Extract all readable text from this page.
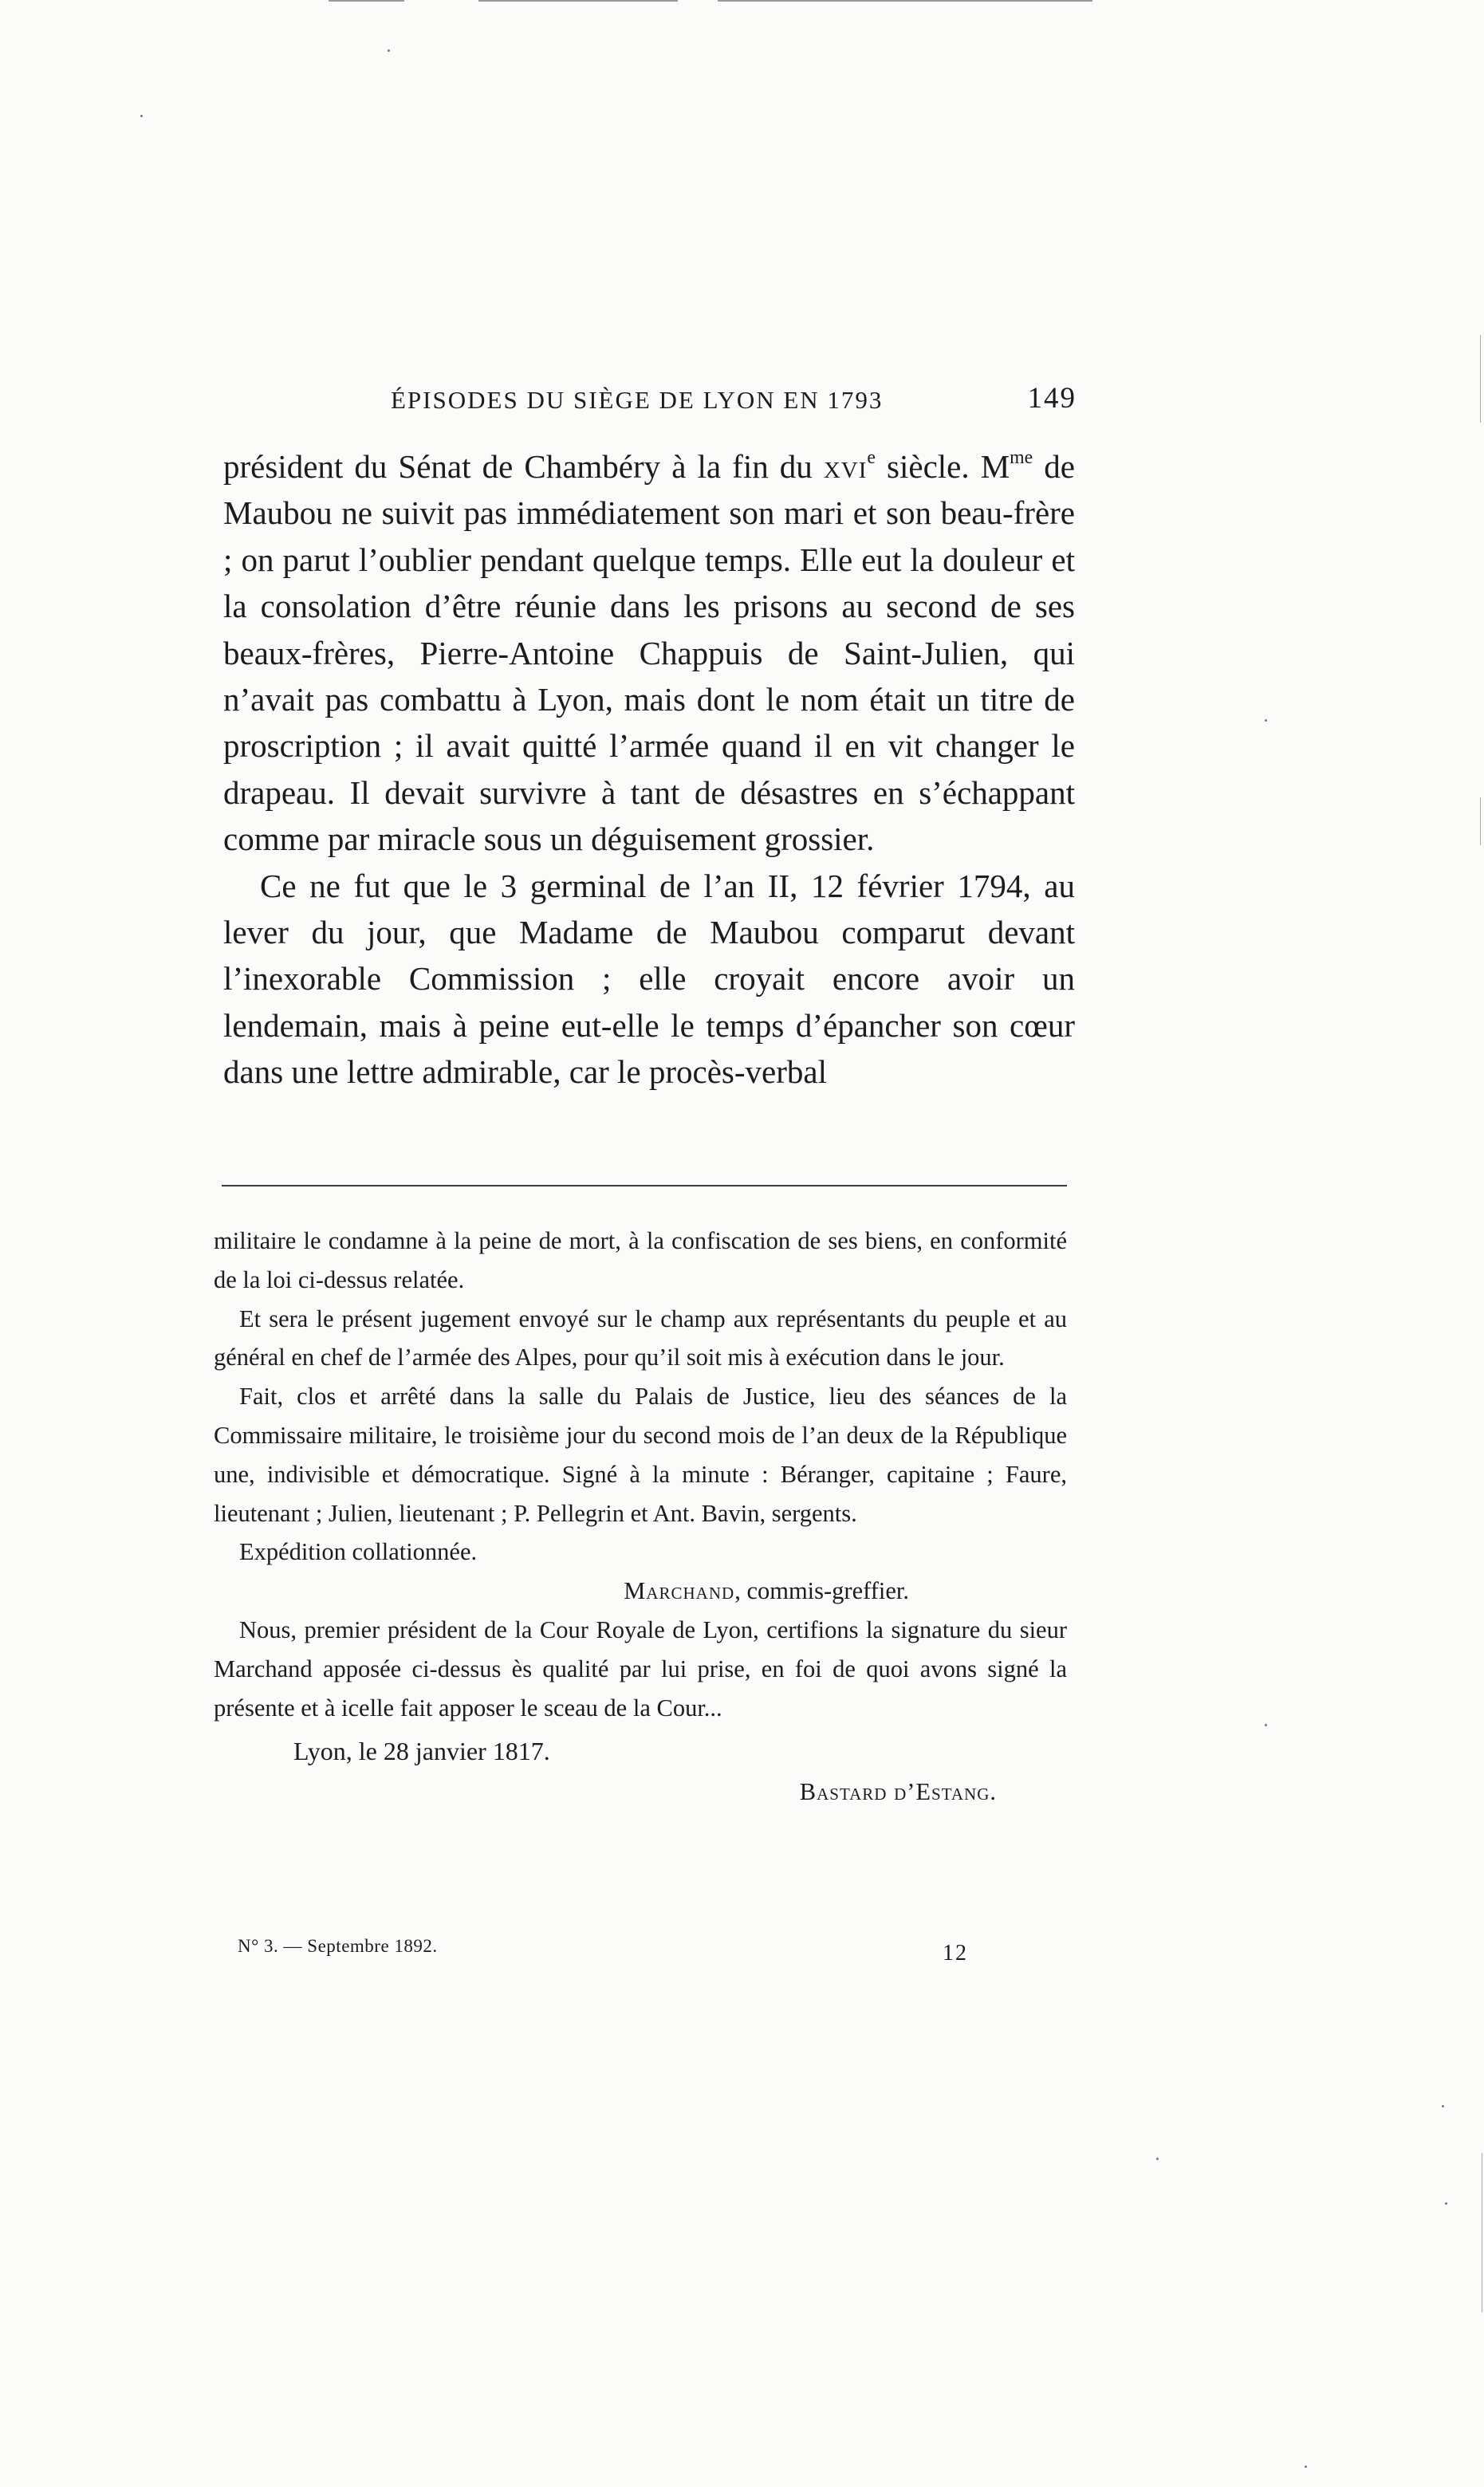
ÉPISODES DU SIÈGE DE LYON EN 1793	149

président du Sénat de Chambéry à la fin du xvi$^e$ siècle. $M^{me}$ de Maubou ne suivit pas immédiatement son mari et son beau-frère ; on parut l’oublier pendant quelque temps. Elle eut la douleur et la consolation d’être réunie dans les prisons au second de ses beaux-frères, Pierre-Antoine Chappuis de Saint-Julien, qui n’avait pas combattu à Lyon, mais dont le nom était un titre de proscription ; il avait quitté l’armée quand il en vit changer le drapeau. Il devait survivre à tant de désastres en s’échappant comme par miracle sous un déguisement grossier.

Ce ne fut que le 3 germinal de l’an II, 12 février 1794, au lever du jour, que Madame de Maubou comparut devant l’inexorable Commission ; elle croyait encore avoir un lendemain, mais à peine eut-elle le temps d’épancher son cœur dans une lettre admirable, car le procès-verbal

militaire le condamne à la peine de mort, à la confiscation de ses biens, en conformité de la loi ci-dessus relatée.

Et sera le présent jugement envoyé sur le champ aux représentants du peuple et au général en chef de l’armée des Alpes, pour qu’il soit mis à exécution dans le jour.

Fait, clos et arrêté dans la salle du Palais de Justice, lieu des séances de la Commissaire militaire, le troisième jour du second mois de l’an deux de la République une, indivisible et démocratique. Signé à la minute : Béranger, capitaine ; Faure, lieutenant ; Julien, lieutenant ; P. Pellegrin et Ant. Bavin, sergents.

Expédition collationnée.

Marchand, commis-greffier.

Nous, premier président de la Cour Royale de Lyon, certifions la signature du sieur Marchand apposée ci-dessus ès qualité par lui prise, en foi de quoi avons signé la présente et à icelle fait apposer le sceau de la Cour...

Lyon, le 28 janvier 1817.

Bastard d’Estang.

N° 3. — Septembre 1892.	12
